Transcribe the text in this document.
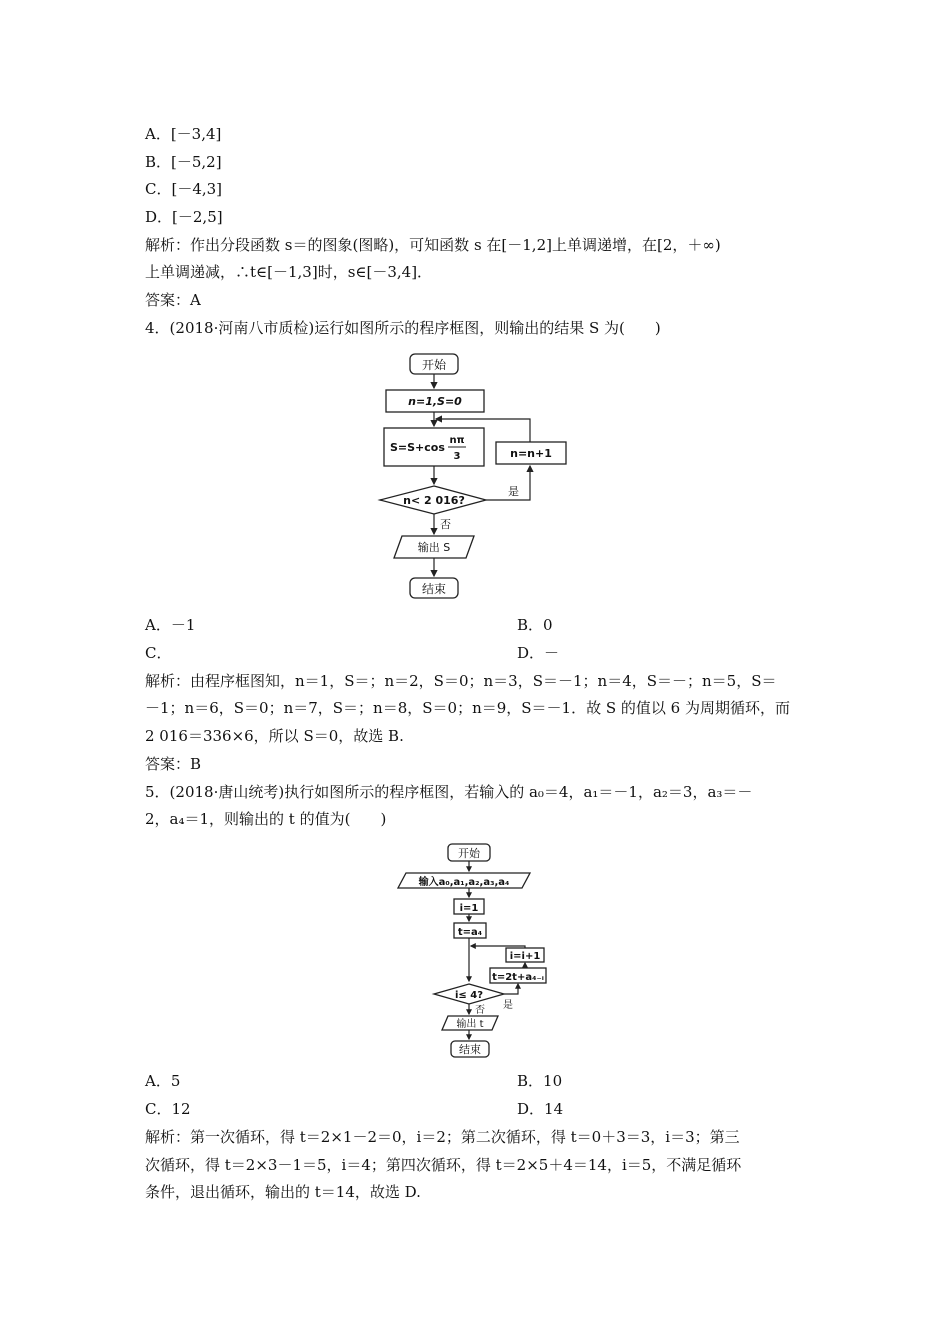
A．[－3,4]
B．[－5,2]
C．[－4,3]
D．[－2,5]
解析：作出分段函数 s＝的图象(图略)，可知函数 s 在[－1,2]上单调递增，在[2，＋∞)
上单调递减，∴t∈[－1,3]时，s∈[－3,4]．
答案：A
4．(2018·河南八市质检)运行如图所示的程序框图，则输出的结果 S 为(　　)
开始
n=1,S=0
S=S+cos
nπ
3	n=n+1
n< 2 016?
是
否
输出 S
结束
A．－1	B．0
C．	D．－
解析：由程序框图知，n＝1，S＝；n＝2，S＝0；n＝3，S＝－1；n＝4，S＝－；n＝5，S＝
－1；n＝6，S＝0；n＝7，S＝；n＝8，S＝0；n＝9，S＝－1．故 S 的值以 6 为周期循环，而
2 016＝336×6，所以 S＝0，故选 B.
答案：B
5．(2018·唐山统考)执行如图所示的程序框图，若输入的 a₀＝4，a₁＝－1，a₂＝3，a₃＝－
2，a₄＝1，则输出的 t 的值为(　　)
开始
输入a₀,a₁,a₂,a₃,a₄
i=1
t=a₄
i=i+1
t=2t+a₄₋ᵢ
i≤ 4?
是
否
输出 t
结束
A．5	B．10
C．12	D．14
解析：第一次循环，得 t＝2×1－2＝0，i＝2；第二次循环，得 t＝0＋3＝3，i＝3；第三
次循环，得 t＝2×3－1＝5，i＝4；第四次循环，得 t＝2×5＋4＝14，i＝5，不满足循环
条件，退出循环，输出的 t＝14，故选 D.
